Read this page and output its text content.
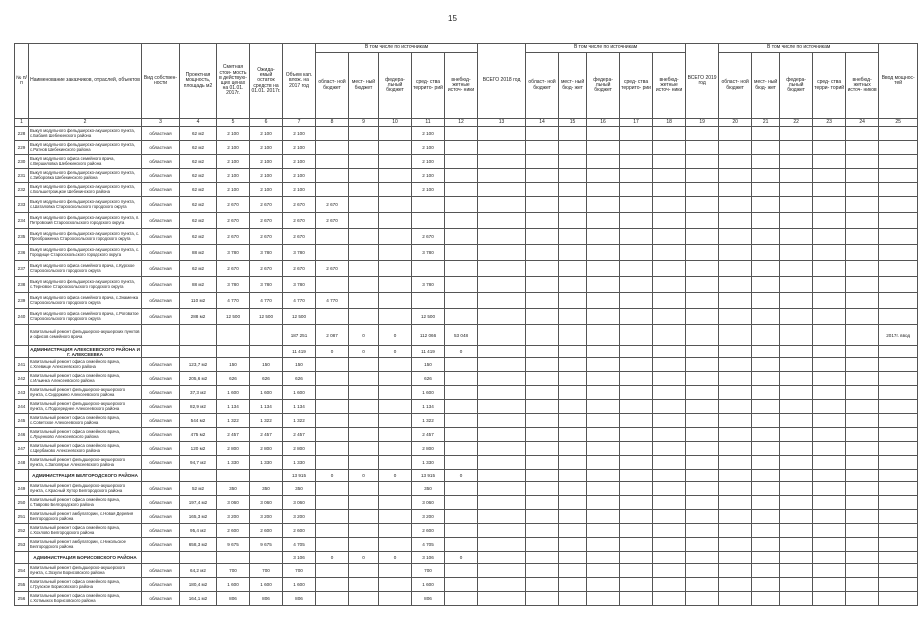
15
№ п/п	Наименование заказчиков, отраслей, объектов	Вид собствен- ности	Проектная мощность, площадь м2	Сметная стои- мость в действую- щих ценах на 01.01. 2017г.	Ожида- емый остаток средств на 01.01. 2017г.	Объем кап. влож. на 2017 год	В том числе по источникам					ВСЕГО 2018 год	В том числе по источникам					ВСЕГО 2019 год	В том числе по источникам					Ввод мощнос- тей
							област- ной бюджет	мест- ный бюджет	федера- льный бюджет	сред- ства террито- рий	внебюд- жетные источ- ники		област- ной бюджет	мест- ный бюд- жет	федера- льный бюджет	сред- ства террито- рии	внебюд- жетные источ- ники		област- ной бюджет	мест- ный бюд- жет	федера- льный бюджет	сред- ства терри- торий	внебюд- жетных источ- ников	
1	2	3	4	5	6	7	8	9	10	11	12	13	14	15	16	17	18	19	20	21	22	23	24	25
228	Выкуп модульного фельдшерско-акушерского пункта, с.Бабаев Шебекинского района	областная	62 м2	2 100	2 100	2 100				2 100														
229	Выкуп модульного фельдшерско-акушерского пункта, с.Ратнов Шебекинского района	областная	62 м2	2 100	2 100	2 100				2 100														
230	Выкуп модульного офиса семейного врача, с.Вершиловка Шебекинского района	областная	62 м2	2 100	2 100	2 100				2 100														
231	Выкуп модульного фельдшерско-акушерского пункта, с.Зиборовка Шебекинского района	областная	62 м2	2 100	2 100	2 100				2 100														
232	Выкуп модульного фельдшерско-акушерского пункта, с.Большетроицкое Шебекинского района	областная	62 м2	2 100	2 100	2 100				2 100														
233	Выкуп модульного фельдшерско-акушерского пункта, с.Шаталовка Старооскольского городского округа	областная	62 м2	2 670	2 670	2 670	2 670																	
234	Выкуп модульного фельдшерско-акушерского пункта, п. Петровский Старооскольского городского округа	областная	62 м2	2 670	2 670	2 670	2 670																	
235	Выкуп модульного фельдшерско-акушерского пункта, с. Преображенка Старооскольского городского округа	областная	62 м2	2 670	2 670	2 670				2 670														
236	Выкуп модульного фельдшерско-акушерского пункта, с. Городище Старооскольского городского округа	областная	88 м2	3 780	3 780	3 780				3 780														
237	Выкуп модульного офиса семейного врача, с.Курское Старооскольского городского округа	областная	62 м2	2 670	2 670	2 670	2 670																	
238	Выкуп модульного фельдшерско-акушерского пункта, с.Терновое Старооскольского городского округа	областная	88 м2	3 780	3 780	3 780				3 780														
239	Выкуп модульного офиса семейного врача, с.Знаменка Старооскольского городского округа	областная	110 м2	4 770	4 770	4 770	4 770																	
240	Выкуп модульного офиса семейного врача, с.Роговатое Старооскольского городского округа	областная	288 м2	12 500	12 500	12 500				12 500														
	Капитальный ремонт фельдшерско-акушерских пунктов и офисов семейного врача					187 251	2 087	0	0	112 066	53 048													2017г. ввод
	АДМИНИСТРАЦИЯ АЛЕКСЕЕВСКОГО РАЙОНА И Г. АЛЕКСЕЕВКА					11 419	0	0	0	11 419	0													
241	Капитальный ремонт офиса семейного врача, с.Хлевище Алексеевского района	областная	123,7 м2	150	150	150				150														
242	Капитальный ремонт офиса семейного врача, с.Ильинка Алексеевского района	областная	205,6 м2	626	626	626				626														
243	Капитальный ремонт фельдшерско-акушерского пункта, с.Сидоркино Алексеевского района	областная	37,3 м2	1 600	1 600	1 600				1 600														
244	Капитальный ремонт фельдшерско-акушерского пункта, с.Подсереднее Алексеевского района	областная	82,9 м2	1 134	1 134	1 134				1 134														
245	Капитальный ремонт офиса семейного врача, с.Советское Алексеевского района	областная	544 м2	1 322	1 322	1 322				1 322														
246	Капитальный ремонт офиса семейного врача, с.Луценково Алексеевского района	областная	475 м2	2 457	2 457	2 457				2 457														
247	Капитальный ремонт офиса семейного врача, с.Щербаково Алексеевского района	областная	120 м2	2 800	2 800	2 800				2 800														
248	Капитальный ремонт фельдшерско-акушерского пункта, с.Заполярье Алексеевского района	областная	94,7 м2	1 330	1 330	1 330				1 330														
	АДМИНИСТРАЦИЯ БЕЛГОРОДСКОГО РАЙОНА					13 915	0	0	0	13 915	0													
249	Капитальный ремонт фельдшерско-акушерского пункта, с.Красный Хутор Белгородского района	областная	52 м2	350	350	350				350														
250	Капитальный ремонт офиса семейного врача, с.Таврово Белгородского района	областная	197,4 м2	3 060	3 060	3 060				3 060														
251	Капитальный ремонт амбулатории, с.Новая Деревня Белгородского района	областная	165,3 м2	3 200	3 200	3 200				3 200														
252	Капитальный ремонт офиса семейного врача, с.Хохлово Белгородского района	областная	95,4 м2	2 600	2 600	2 600				2 600														
253	Капитальный ремонт амбулатории, с.Никольское Белгородского района	областная	658,3 м2	9 675	9 675	4 705				4 705														
	АДМИНИСТРАЦИЯ БОРИСОВСКОГО РАЙОНА					3 106	0	0	0	3 106	0													
254	Капитальный ремонт фельдшерско-акушерского пункта, с.Зозули Борисовского района	областная	64,2 м2	700	700	700				700														
255	Капитальный ремонт офиса семейного врача, с.Грузское Борисовского района	областная	180,4 м2	1 600	1 600	1 600				1 600														
256	Капитальный ремонт офиса семейного врача, с.Хотмыжск Борисовского района	областная	164,1 м2	806	806	806				806														
